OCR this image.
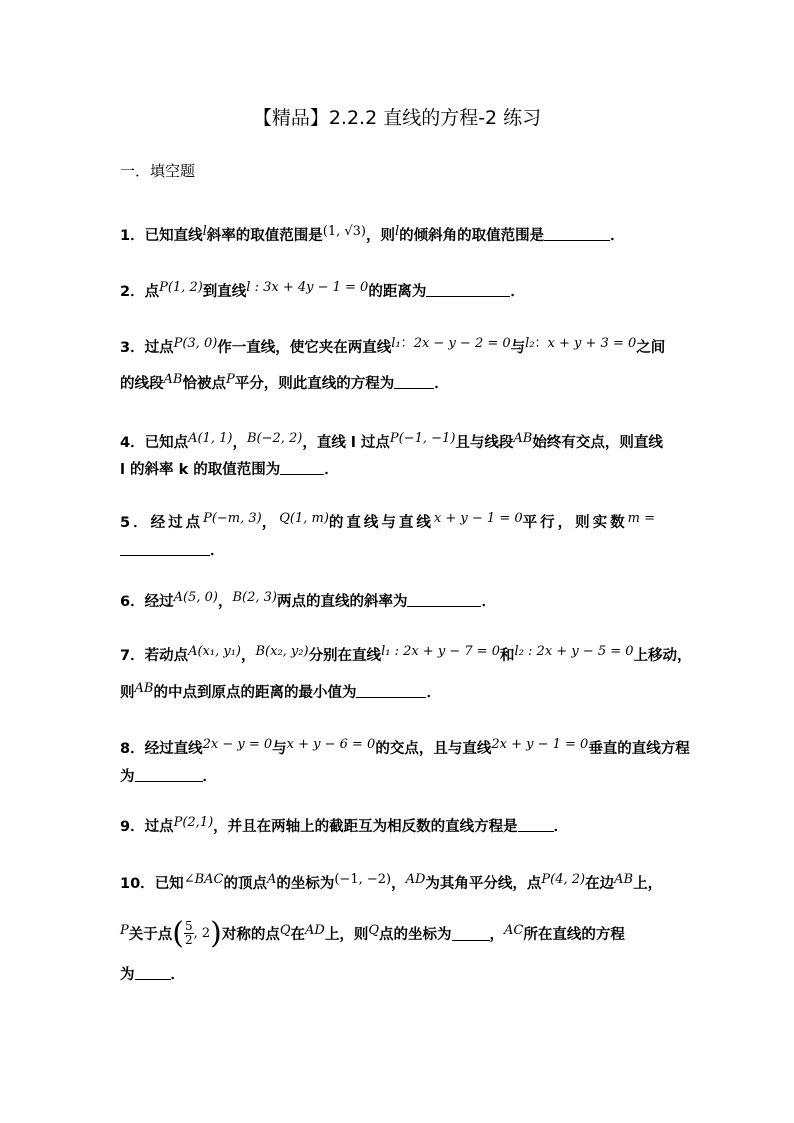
【精品】2.2.2 直线的方程-2 练习
一．填空题
1．已知直线l斜率的取值范围是(1, √3)，则l的倾斜角的取值范围是	．
2．点P(1, 2)到直线l : 3x + 4y − 1 = 0的距离为	．
3．过点P(3, 0)作一直线，使它夹在两直线l₁：2x − y − 2 = 0与l₂：x + y + 3 = 0之间
的线段AB恰被点P平分，则此直线的方程为	．
4．已知点A(1, 1)，B(−2, 2)，直线 l 过点P(−1, −1)且与线段AB始终有交点，则直线
l 的斜率 k 的取值范围为	．
5．经过点P(−m, 3)，Q(1, m)的直线与直线x + y − 1 = 0平行，则实数m =
．
6．经过A(5, 0)，B(2, 3)两点的直线的斜率为	．
7．若动点A(x₁, y₁)，B(x₂, y₂)分别在直线l₁ : 2x + y − 7 = 0和l₂ : 2x + y − 5 = 0上移动，
则AB的中点到原点的距离的最小值为	．
8．经过直线2x − y = 0与x + y − 6 = 0的交点，且与直线2x + y − 1 = 0垂直的直线方程
为	．
9．过点P(2,1)，并且在两轴上的截距互为相反数的直线方程是 ．
10．已知∠BAC的顶点A的坐标为(−1, −2)，AD为其角平分线，点P(4, 2)在边AB上，
P 关于点 ( $\frac{5}{2}$ , 2 ) 对称的点 Q 在 AD 上，则 Q 点的坐标为	， AC 所在直线的方程
为 ．
